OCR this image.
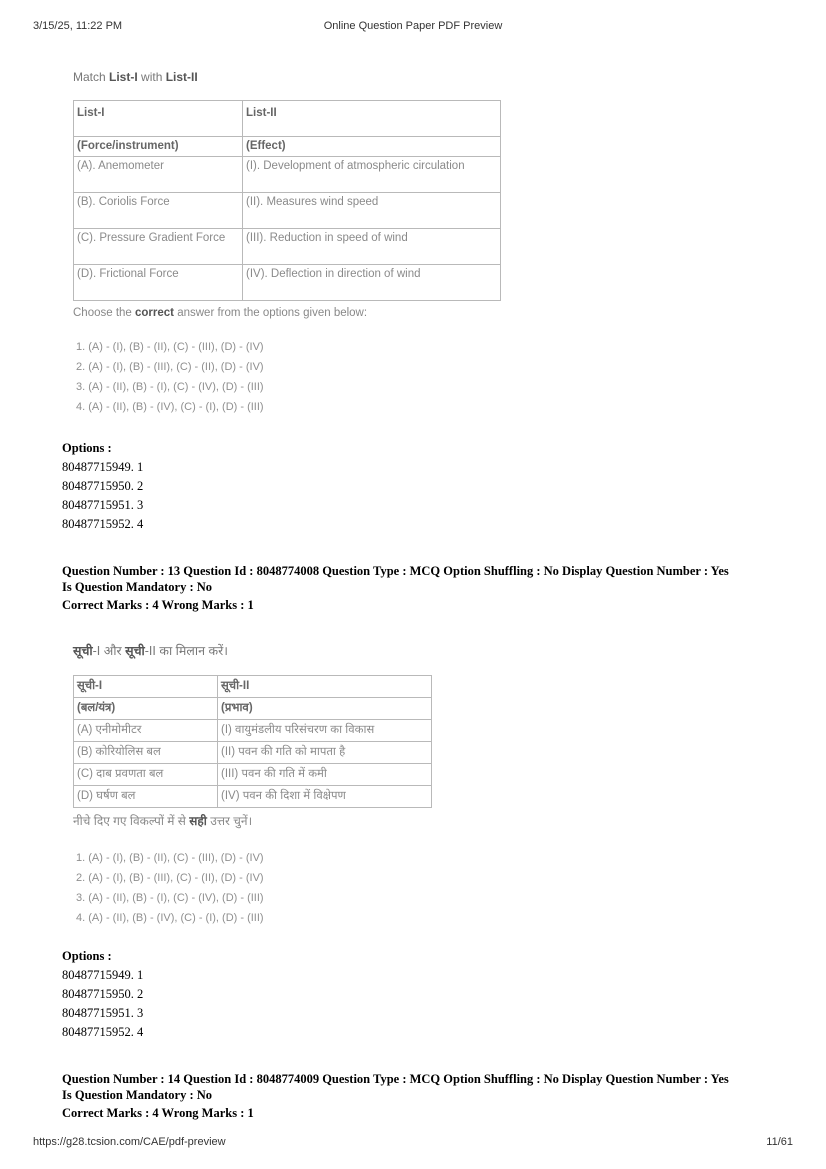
3/15/25, 11:22 PM	Online Question Paper PDF Preview
Match List-I with List-II
List-I	List-II
(Force/instrument)	(Effect)
(A). Anemometer	(I). Development of atmospheric circulation
(B). Coriolis Force	(II). Measures wind speed
(C). Pressure Gradient Force	(III). Reduction in speed of wind
(D). Frictional Force	(IV). Deflection in direction of wind
Choose the correct answer from the options given below:
1. (A) - (I), (B) - (II), (C) - (III), (D) - (IV)
2. (A) - (I), (B) - (III), (C) - (II), (D) - (IV)
3. (A) - (II), (B) - (I), (C) - (IV), (D) - (III)
4. (A) - (II), (B) - (IV), (C) - (I), (D) - (III)
Options :
80487715949. 1
80487715950. 2
80487715951. 3
80487715952. 4
Question Number : 13 Question Id : 8048774008 Question Type : MCQ Option Shuffling : No Display Question Number : Yes
Is Question Mandatory : No
Correct Marks : 4 Wrong Marks : 1
सूची-I और सूची-II का मिलान करें।
सूची-I	सूची-II
(बल/यंत्र)	(प्रभाव)
(A) एनीमोमीटर	(I) वायुमंडलीय परिसंचरण का विकास
(B) कोरियोलिस बल	(II) पवन की गति को मापता है
(C) दाब प्रवणता बल	(III) पवन की गति में कमी
(D) घर्षण बल	(IV) पवन की दिशा में विक्षेपण
नीचे दिए गए विकल्पों में से सही उत्तर चुनें।
1. (A) - (I), (B) - (II), (C) - (III), (D) - (IV)
2. (A) - (I), (B) - (III), (C) - (II), (D) - (IV)
3. (A) - (II), (B) - (I), (C) - (IV), (D) - (III)
4. (A) - (II), (B) - (IV), (C) - (I), (D) - (III)
Options :
80487715949. 1
80487715950. 2
80487715951. 3
80487715952. 4
Question Number : 14 Question Id : 8048774009 Question Type : MCQ Option Shuffling : No Display Question Number : Yes
Is Question Mandatory : No
Correct Marks : 4 Wrong Marks : 1
https://g28.tcsion.com/CAE/pdf-preview	11/61
